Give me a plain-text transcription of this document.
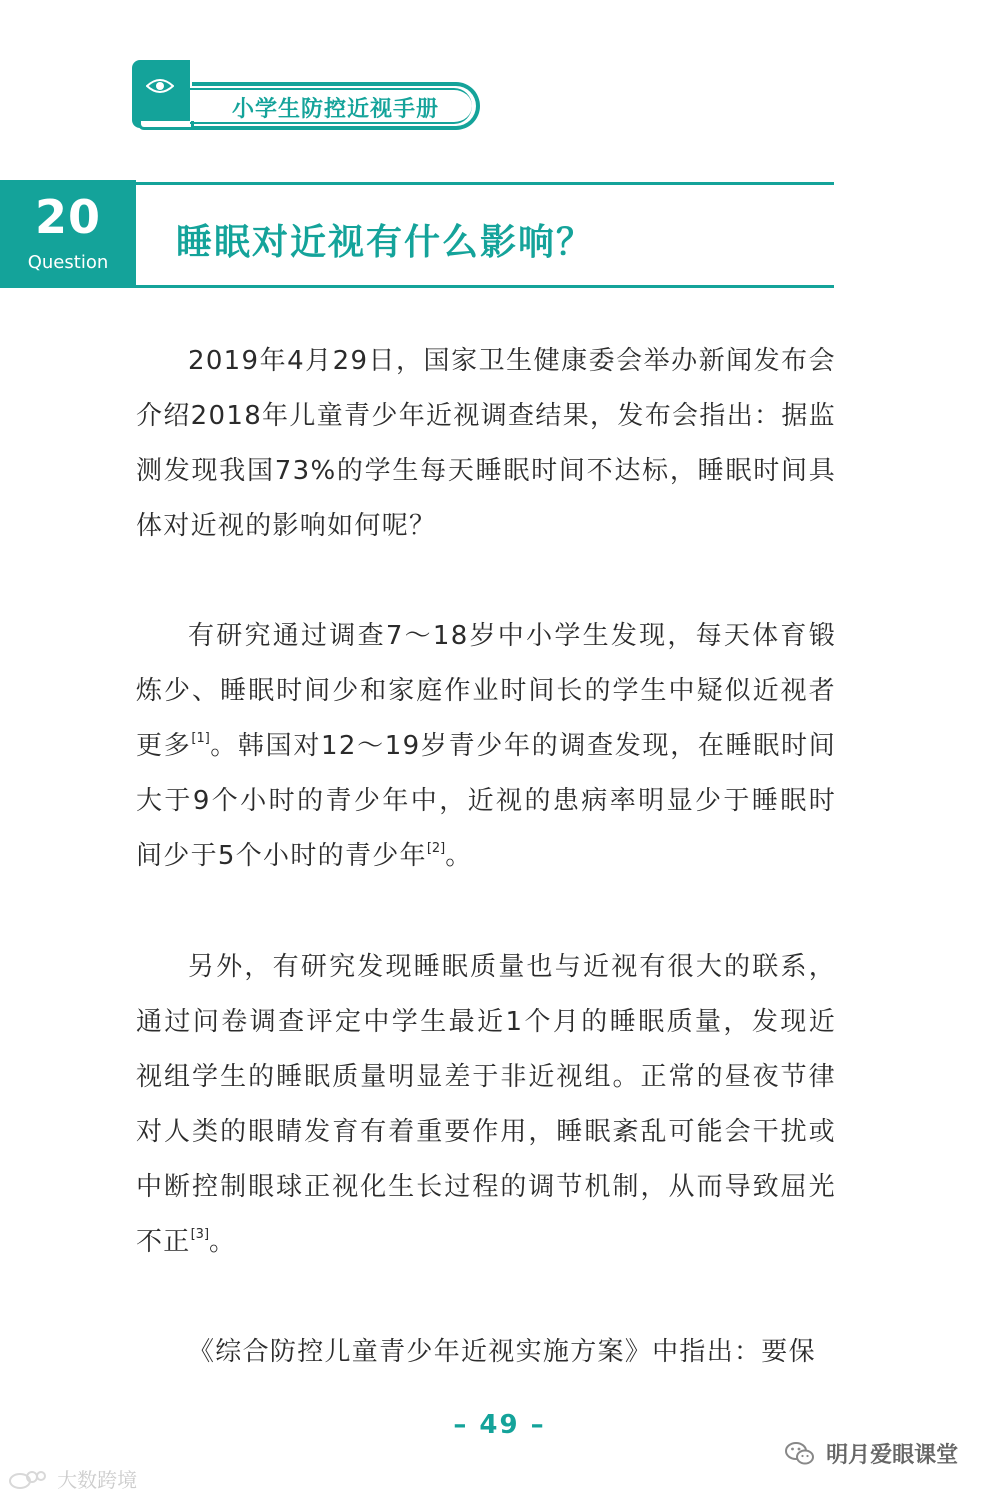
小学生防控近视手册
20
Question	睡眠对近视有什么影响？

2019年4月29日，国家卫生健康委会举办新闻发布会介绍2018年儿童青少年近视调查结果，发布会指出：据监测发现我国73%的学生每天睡眠时间不达标，睡眠时间具体对近视的影响如何呢？

有研究通过调查7～18岁中小学生发现，每天体育锻炼少、睡眠时间少和家庭作业时间长的学生中疑似近视者更多[1]。韩国对12～19岁青少年的调查发现，在睡眠时间大于9个小时的青少年中，近视的患病率明显少于睡眠时间少于5个小时的青少年[2]。

另外，有研究发现睡眠质量也与近视有很大的联系，通过问卷调查评定中学生最近1个月的睡眠质量，发现近视组学生的睡眠质量明显差于非近视组。正常的昼夜节律对人类的眼睛发育有着重要作用，睡眠紊乱可能会干扰或中断控制眼球正视化生长过程的调节机制，从而导致屈光不正[3]。

《综合防控儿童青少年近视实施方案》中指出：要保

– 49 –
明月爱眼课堂
大数跨境
